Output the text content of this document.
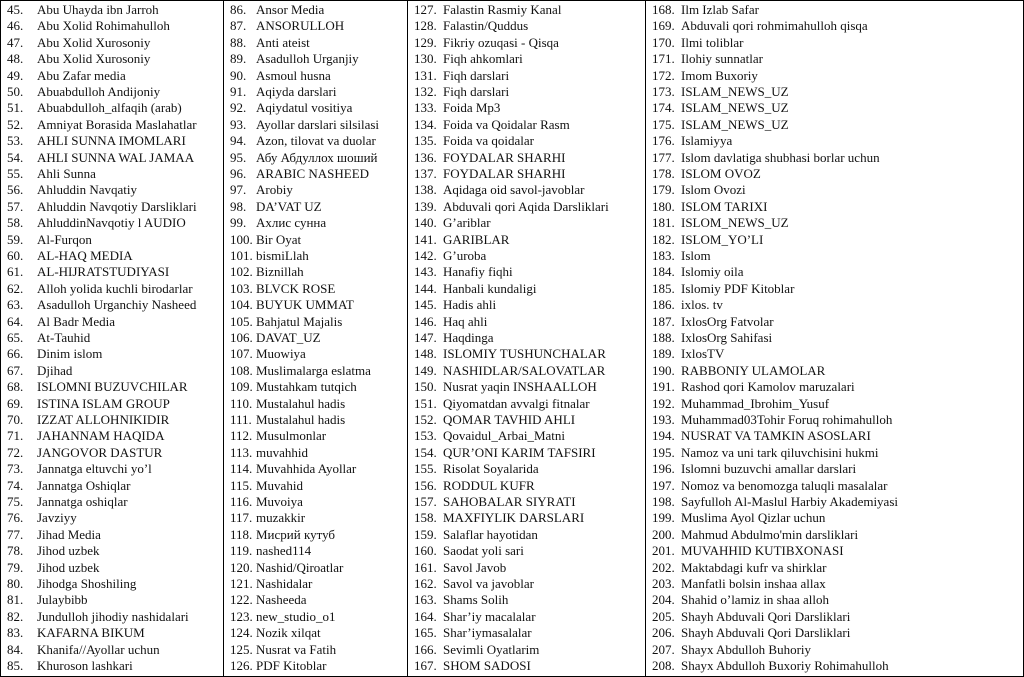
45. Abu Uhayda ibn Jarroh
46. Abu Xolid Rohimahulloh
47. Abu Xolid Xurosoniy
48. Abu Xolid Xurosoniy
49. Abu Zafar media
50. Abuabdulloh Andijoniy
51. Abuabdulloh_alfaqih (arab)
52. Amniyat Borasida Maslahatlar
53. AHLI SUNNA IMOMLARI
54. AHLI SUNNA WAL JAMAA
55. Ahli Sunna
56. Ahluddin Navqatiy
57. Ahluddin Navqotiy Darsliklari
58. AhluddinNavqotiy l AUDIO
59. Al-Furqon
60. AL-HAQ MEDIA
61. AL-HIJRATSTUDIYASI
62. Alloh yolida kuchli birodarlar
63. Asadulloh Urganchiy Nasheed
64. Al Badr Media
65. At-Tauhid
66. Dinim islom
67. Djihad
68. ISLOMNI BUZUVCHILAR
69. ISTINA ISLAM GROUP
70. IZZAT ALLOHNIKIDIR
71. JAHANNAM HAQIDA
72. JANGOVOR DASTUR
73. Jannatga eltuvchi yo’l
74. Jannatga Oshiqlar
75. Jannatga oshiqlar
76. Javziyy
77. Jihad Media
78. Jihod uzbek
79. Jihod uzbek
80. Jihodga Shoshiling
81. Julaybibb
82. Jundulloh jihodiy nashidalari
83. KAFARNA BIKUM
84. Khanifa//Ayollar uchun
85. Khuroson lashkari
86. Ansor Media
87. ANSORULLOH
88. Anti ateist
89. Asadulloh Urganjiy
90. Asmoul husna
91. Aqiyda darslari
92. Aqiydatul vositiya
93. Ayollar darslari silsilasi
94. Azon, tilovat va duolar
95. Абу Абдуллох шоший
96. ARABIC NASHEED
97. Arobiy
98. DA’VAT UZ
99. Ахлис сунна
100. Bir Oyat
101. bismiLlah
102. Biznillah
103. BLVCK ROSE
104. BUYUK UMMAT
105. Bahjatul Majalis
106. DAVAT_UZ
107. Muowiya
108. Muslimalarga eslatma
109. Mustahkam tutqich
110. Mustalahul hadis
111. Mustalahul hadis
112. Musulmonlar
113. muvahhid
114. Muvahhida Ayollar
115. Muvahid
116. Muvoiya
117. muzakkir
118. Мисрий кутуб
119. nashed114
120. Nashid/Qiroatlar
121. Nashidalar
122. Nasheeda
123. new_studio_o1
124. Nozik xilqat
125. Nusrat va Fatih
126. PDF Kitoblar
127. Falastin Rasmiy Kanal
128. Falastin/Quddus
129. Fikriy ozuqasi - Qisqa
130. Fiqh ahkomlari
131. Fiqh darslari
132. Fiqh darslari
133. Foida Mp3
134. Foida va Qoidalar Rasm
135. Foida va qoidalar
136. FOYDALAR SHARHI
137. FOYDALAR SHARHI
138. Aqidaga oid savol-javoblar
139. Abduvali qori Aqida Darsliklari
140. G’ariblar
141. GARIBLAR
142. G’uroba
143. Hanafiy fiqhi
144. Hanbali kundaligi
145. Hadis ahli
146. Haq ahli
147. Haqdinga
148. ISLOMIY TUSHUNCHALAR
149. NASHIDLAR/SALOVATLAR
150. Nusrat yaqin INSHAALLOH
151. Qiyomatdan avvalgi fitnalar
152. QOMAR TAVHID AHLI
153. Qovaidul_Arbai_Matni
154. QUR’ONI KARIM TAFSIRI
155. Risolat Soyalarida
156. RODDUL KUFR
157. SAHOBALAR SIYRATI
158. MAXFIYLIK DARSLARI
159. Salaflar hayotidan
160. Saodat yoli sari
161. Savol Javob
162. Savol va javoblar
163. Shams Solih
164. Shar’iy macalalar
165. Shar’iymasalalar
166. Sevimli Oyatlarim
167. SHOM SADOSI
168. Ilm Izlab Safar
169. Abduvali qori rohmimahulloh qisqa
170. Ilmi toliblar
171. Ilohiy sunnatlar
172. Imom Buxoriy
173. ISLAM_NEWS_UZ
174. ISLAM_NEWS_UZ
175. ISLAM_NEWS_UZ
176. Islamiyya
177. Islom davlatiga shubhasi borlar uchun
178. ISLOM OVOZ
179. Islom Ovozi
180. ISLOM TARIXI
181. ISLOM_NEWS_UZ
182. ISLOM_YO’LI
183. Islom
184. Islomiy oila
185. Islomiy PDF Kitoblar
186. ixlos. tv
187. IxlosOrg Fatvolar
188. IxlosOrg Sahifasi
189. IxlosTV
190. RABBONIY ULAMOLAR
191. Rashod qori Kamolov maruzalari
192. Muhammad_Ibrohim_Yusuf
193. Muhammad03Tohir Foruq rohimahulloh
194. NUSRAT VA TAMKIN ASOSLARI
195. Namoz va uni tark qiluvchisini hukmi
196. Islomni buzuvchi amallar darslari
197. Nomoz va benomozga taluqli masalalar
198. Sayfulloh Al-Maslul Harbiy Akademiyasi
199. Muslima Ayol Qizlar uchun
200. Mahmud Abdulmo'min darsliklari
201. MUVAHHID KUTIBXONASI
202. Maktabdagi kufr va shirklar
203. Manfatli bolsin inshaa allax
204. Shahid o’lamiz in shaa alloh
205. Shayh Abduvali Qori Darsliklari
206. Shayh Abduvali Qori Darsliklari
207. Shayx Abdulloh Buhoriy
208. Shayx Abdulloh Buxoriy Rohimahulloh
